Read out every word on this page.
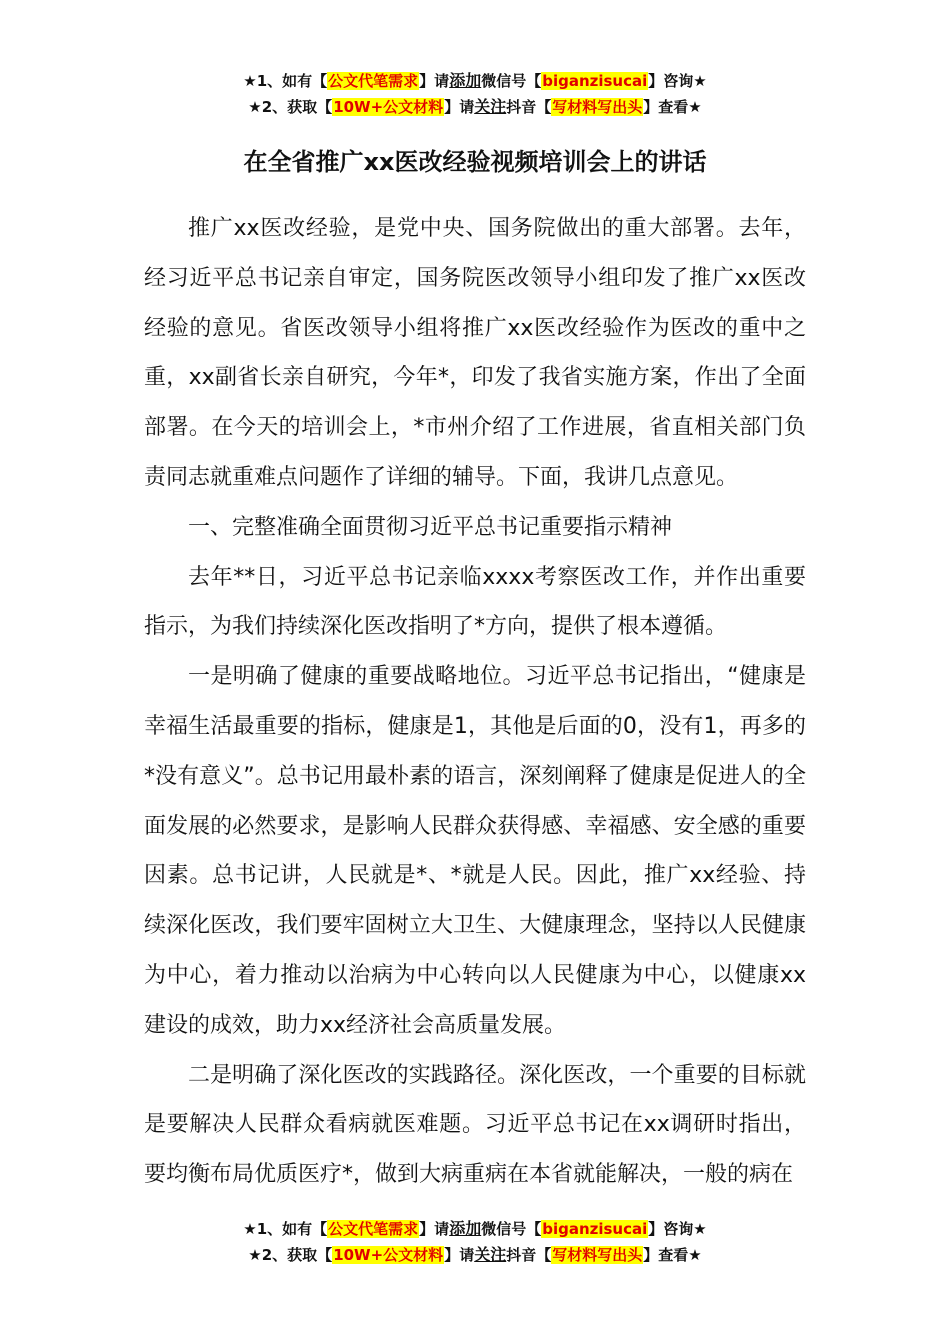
★1、如有【公文代笔需求】请添加微信号【biganzisucai】咨询★
★2、获取【10W+公文材料】请关注抖音【写材料写出头】查看★
在全省推广xx医改经验视频培训会上的讲话

推广xx医改经验，是党中央、国务院做出的重大部署。去年，经习近平总书记亲自审定，国务院医改领导小组印发了推广xx医改经验的意见。省医改领导小组将推广xx医改经验作为医改的重中之重，xx副省长亲自研究，今年*，印发了我省实施方案，作出了全面部署。在今天的培训会上，*市州介绍了工作进展，省直相关部门负责同志就重难点问题作了详细的辅导。下面，我讲几点意见。

一、完整准确全面贯彻习近平总书记重要指示精神

去年**日，习近平总书记亲临xxxx考察医改工作，并作出重要指示，为我们持续深化医改指明了*方向，提供了根本遵循。

一是明确了健康的重要战略地位。习近平总书记指出，“健康是幸福生活最重要的指标，健康是1，其他是后面的0，没有1，再多的*没有意义”。总书记用最朴素的语言，深刻阐释了健康是促进人的全面发展的必然要求，是影响人民群众获得感、幸福感、安全感的重要因素。总书记讲，人民就是*、*就是人民。因此，推广xx经验、持续深化医改，我们要牢固树立大卫生、大健康理念，坚持以人民健康为中心，着力推动以治病为中心转向以人民健康为中心，以健康xx建设的成效，助力xx经济社会高质量发展。

二是明确了深化医改的实践路径。深化医改，一个重要的目标就是要解决人民群众看病就医难题。习近平总书记在xx调研时指出，要均衡布局优质医疗*，做到大病重病在本省就能解决，一般的病在

★1、如有【公文代笔需求】请添加微信号【biganzisucai】咨询★
★2、获取【10W+公文材料】请关注抖音【写材料写出头】查看★
